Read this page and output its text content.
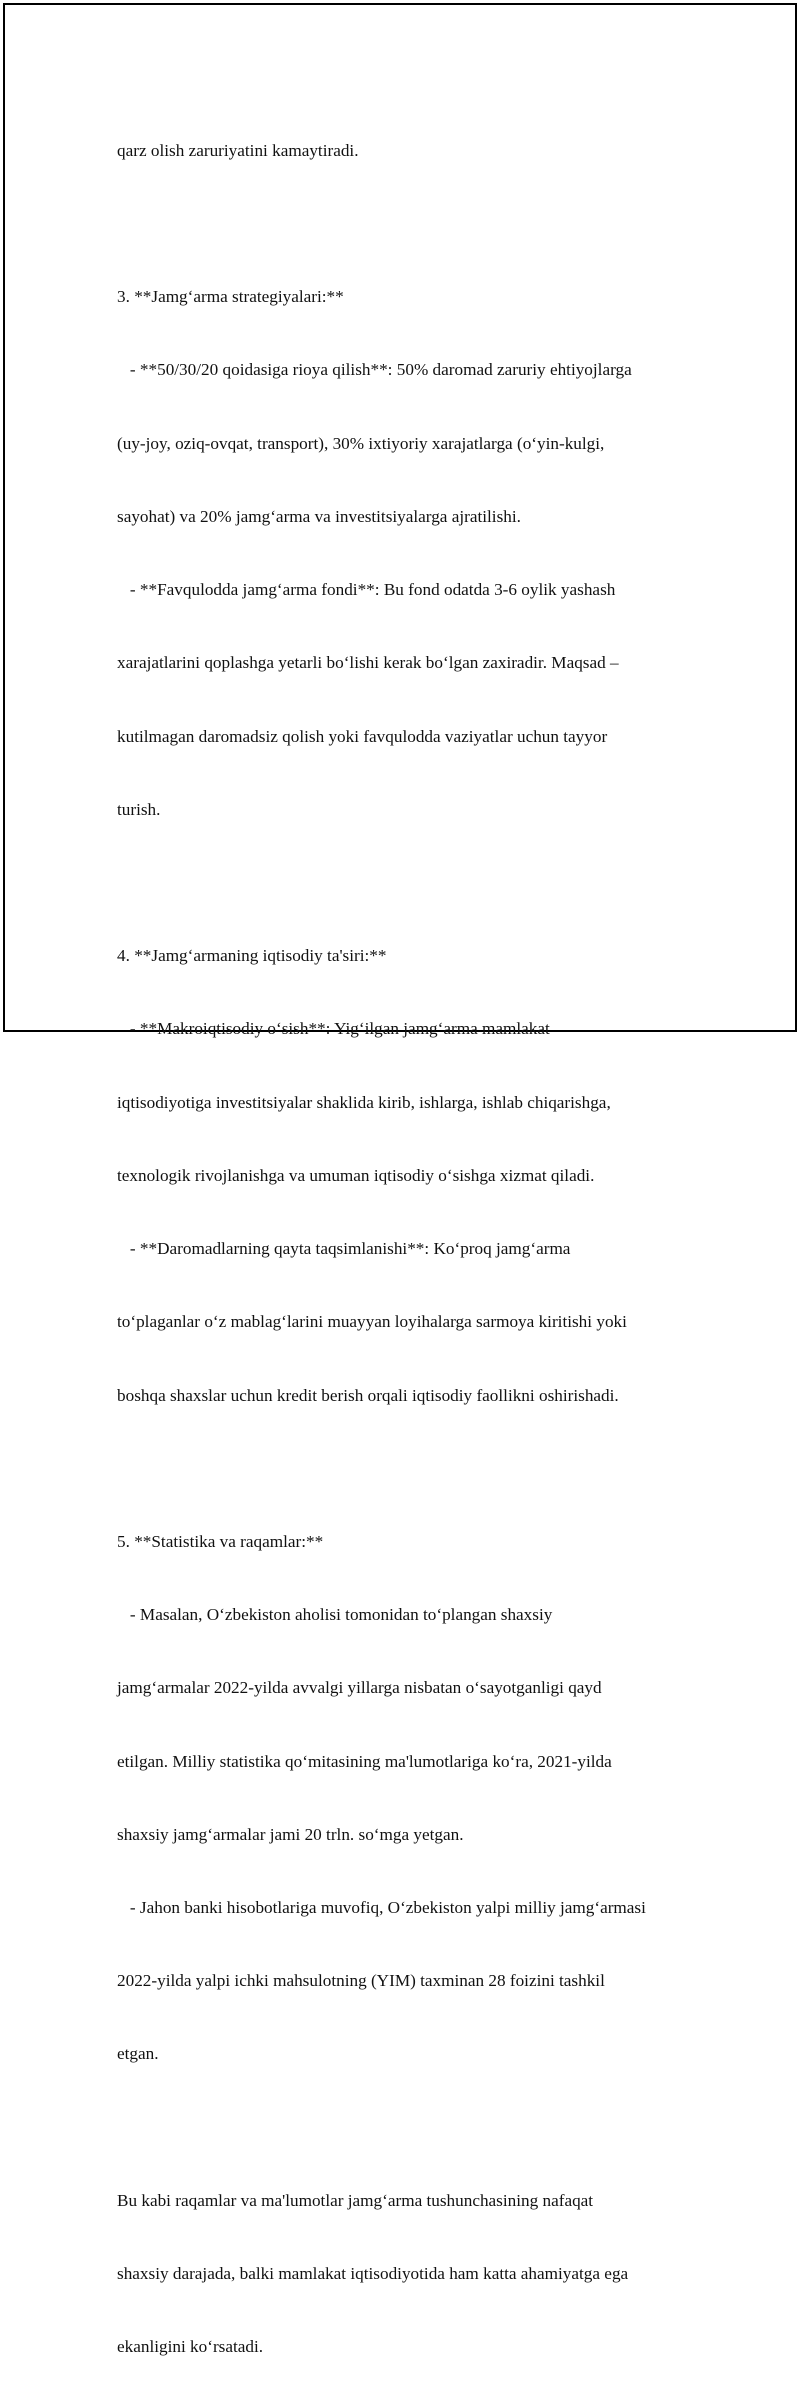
qarz olish zaruriyatini kamaytiradi.

3. **Jamg‘arma strategiyalari:**

- **50/30/20 qoidasiga rioya qilish**: 50% daromad zaruriy ehtiyojlarga

(uy-joy, oziq-ovqat, transport), 30% ixtiyoriy xarajatlarga (o‘yin-kulgi,

sayohat) va 20% jamg‘arma va investitsiyalarga ajratilishi.

- **Favqulodda jamg‘arma fondi**: Bu fond odatda 3-6 oylik yashash

xarajatlarini qoplashga yetarli bo‘lishi kerak bo‘lgan zaxiradir. Maqsad –

kutilmagan daromadsiz qolish yoki favqulodda vaziyatlar uchun tayyor

turish.

4. **Jamg‘armaning iqtisodiy ta'siri:**

- **Makroiqtisodiy o‘sish**: Yig‘ilgan jamg‘arma mamlakat

iqtisodiyotiga investitsiyalar shaklida kirib, ishlarga, ishlab chiqarishga,

texnologik rivojlanishga va umuman iqtisodiy o‘sishga xizmat qiladi.

- **Daromadlarning qayta taqsimlanishi**: Ko‘proq jamg‘arma

to‘plaganlar o‘z mablag‘larini muayyan loyihalarga sarmoya kiritishi yoki

boshqa shaxslar uchun kredit berish orqali iqtisodiy faollikni oshirishadi.

5. **Statistika va raqamlar:**

- Masalan, O‘zbekiston aholisi tomonidan to‘plangan shaxsiy

jamg‘armalar 2022-yilda avvalgi yillarga nisbatan o‘sayotganligi qayd

etilgan. Milliy statistika qo‘mitasining ma'lumotlariga ko‘ra, 2021-yilda

shaxsiy jamg‘armalar jami 20 trln. so‘mga yetgan.

- Jahon banki hisobotlariga muvofiq, O‘zbekiston yalpi milliy jamg‘armasi

2022-yilda yalpi ichki mahsulotning (YIM) taxminan 28 foizini tashkil

etgan.

Bu kabi raqamlar va ma'lumotlar jamg‘arma tushunchasining nafaqat

shaxsiy darajada, balki mamlakat iqtisodiyotida ham katta ahamiyatga ega

ekanligini ko‘rsatadi.
